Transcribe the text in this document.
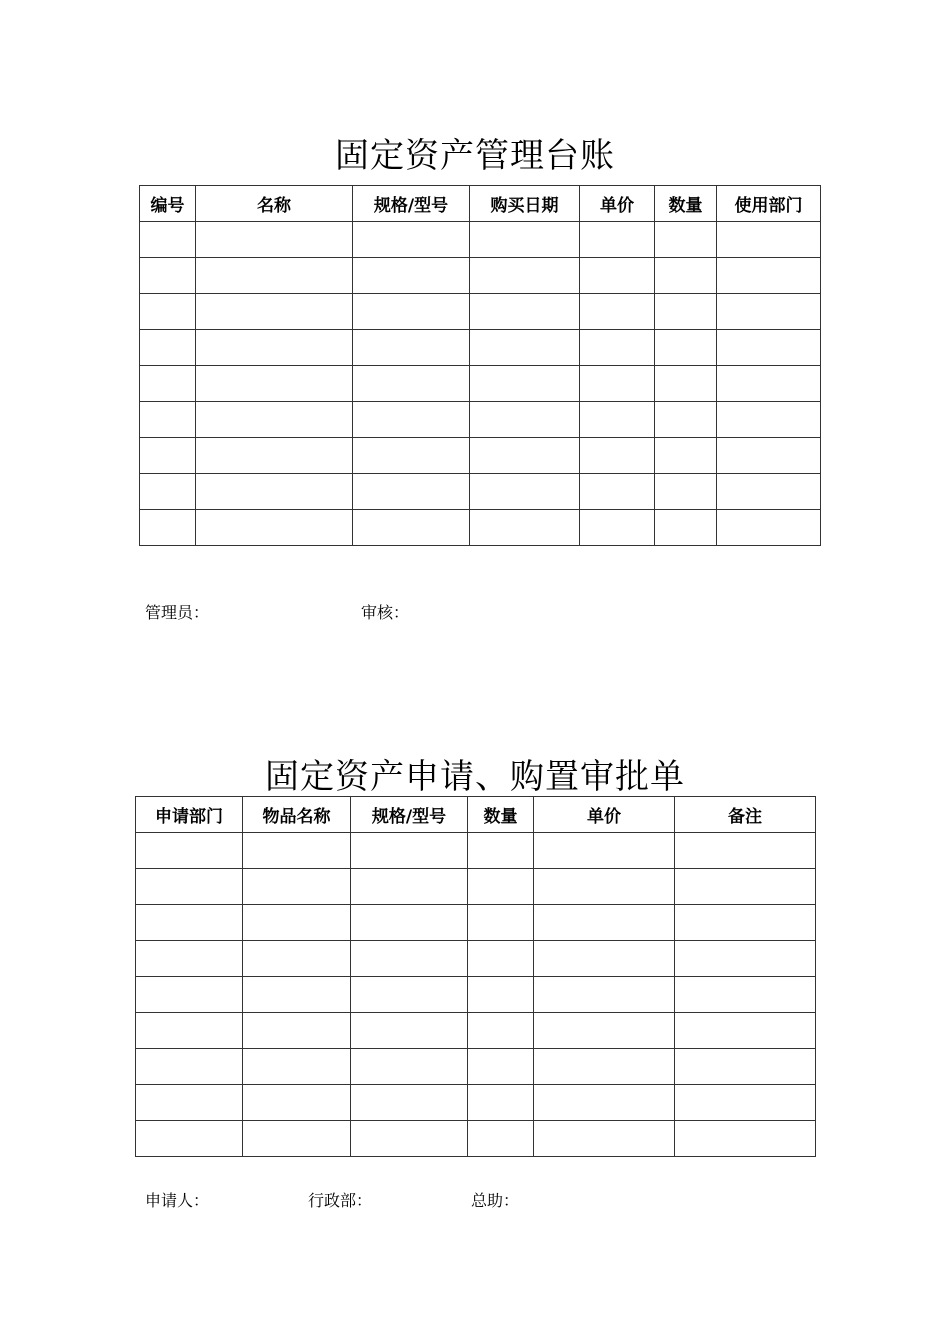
固定资产管理台账
编号	名称	规格/型号	购买日期	单价	数量	使用部门

管理员：	审核：
固定资产申请、购置审批单
申请部门	物品名称	规格/型号	数量	单价	备注

申请人：	行政部：	总助：
